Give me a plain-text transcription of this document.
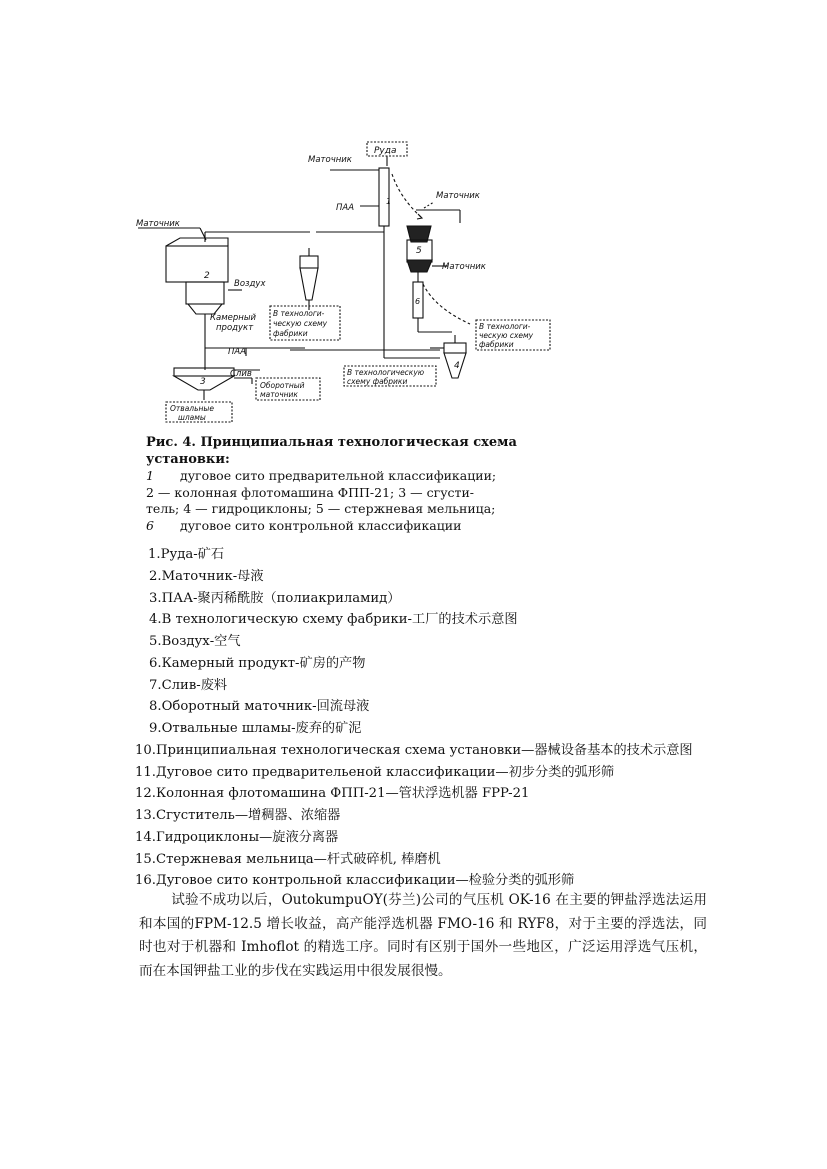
Руда
Маточник
ПАА
Маточник
Маточник
Маточник
Воздух
Камерный
продукт
ПАА
Слив
1
2
3
4
5
6
В технологи- ческую схему фабрики
В технологи- ческую схему фабрики
В технологическую схему фабрики
Оборотный маточник
Отвальные шламы
Рис. 4. Принципиальная технологическая схема
установки:
1 дуговое сито предварительной классификации;
2 — колонная флотомашина ФПП-21; 3 — сгусти-
тель; 4 — гидроциклоны; 5 — стержневая мельница;
6 дуговое сито контрольной классификации
1.Руда-矿石
2.Маточник-母液
3.ПАА-聚丙稀酰胺（полиакриламид）
4.В технологическую схему фабрики-工厂的技术示意图
5.Воздух-空气
6.Камерный продукт-矿房的产物
7.Слив-废料
8.Оборотный маточник-回流母液
9.Отвальные шламы-废弃的矿泥
10.Принципиальная технологическая схема установки—器械设备基本的技术示意图
11.Дуговое сито предварительеной классификации—初步分类的弧形筛
12.Колонная флотомашина ФПП-21—管状浮选机器 FPP-21
13.Сгуститель—增稠器、浓缩器
14.Гидроциклоны—旋液分离器
15.Стержневая мельница—杆式破碎机, 棒磨机
16.Дуговое сито контрольной классификации—检验分类的弧形筛
试验不成功以后，OutokumpuOY(芬兰)公司的气压机 OK-16 在主要的钾盐浮选法运用和本国的FPM-12.5 增长收益，高产能浮选机器 FMO-16 和 RYF8，对于主要的浮选法，同时也对于机器和 Imhoflot 的精选工序。同时有区别于国外一些地区，广泛运用浮选气压机，而在本国钾盐工业的步伐在实践运用中很发展很慢。
